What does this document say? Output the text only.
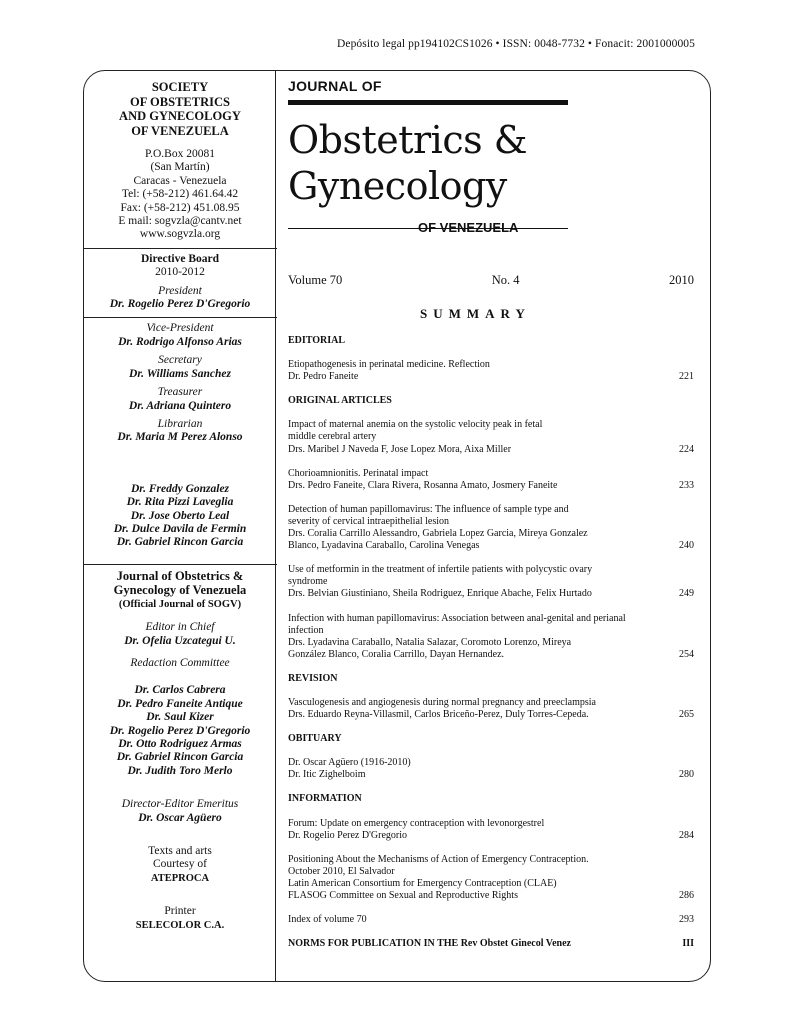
Depósito legal pp194102CS1026 • ISSN: 0048-7732 • Fonacit: 2001000005
SOCIETY
OF OBSTETRICS
AND GYNECOLOGY
OF VENEZUELA
P.O.Box 20081
(San Martín)
Caracas - Venezuela
Tel: (+58-212) 461.64.42
Fax: (+58-212) 451.08.95
E mail: sogvzla@cantv.net
www.sogvzla.org
Directive Board
2010-2012
President
Dr. Rogelio Perez D'Gregorio
Vice-President
Dr. Rodrigo Alfonso Arias
Secretary
Dr. Williams Sanchez
Treasurer
Dr. Adriana Quintero
Librarian
Dr. Maria M Perez Alonso
Dr. Freddy Gonzalez
Dr. Rita Pizzi Laveglia
Dr. Jose Oberto Leal
Dr. Dulce Davila de Fermin
Dr. Gabriel Rincon Garcia
Journal of Obstetrics &
Gynecology of Venezuela
(Official Journal of SOGV)
Editor in Chief
Dr. Ofelia Uzcategui U.
Redaction Committee
Dr. Carlos Cabrera
Dr. Pedro Faneite Antique
Dr. Saul Kizer
Dr. Rogelio Perez D'Gregorio
Dr. Otto Rodriguez Armas
Dr. Gabriel Rincon Garcia
Dr. Judith Toro Merlo
Director-Editor Emeritus
Dr. Oscar Agüero
Texts and arts
Courtesy of
ATEPROCA
Printer
SELECOLOR C.A.
JOURNAL OF
Obstetrics &
Gynecology
OF VENEZUELA
Volume 70	No. 4	2010
SUMMARY
EDITORIAL
Etiopathogenesis in perinatal medicine. Reflection
Dr. Pedro Faneite	221
ORIGINAL ARTICLES
Impact of maternal anemia on the systolic velocity peak in fetal
middle cerebral artery
Drs. Maribel J Naveda F, Jose Lopez Mora, Aixa Miller	224
Chorioamnionitis. Perinatal impact
Drs. Pedro Faneite, Clara Rivera, Rosanna Amato, Josmery Faneite	233
Detection of human papillomavirus: The influence of sample type and
severity of cervical intraepithelial lesion
Drs. Coralia Carrillo Alessandro, Gabriela Lopez Garcia, Mireya Gonzalez
Blanco, Lyadavina Caraballo, Carolina Venegas	240
Use of metformin in the treatment of infertile patients with polycystic ovary
syndrome
Drs. Belvian Giustiniano, Sheila Rodriguez, Enrique Abache, Felix Hurtado	249
Infection with human papillomavirus: Association between anal-genital and perianal
infection
Drs. Lyadavina Caraballo, Natalia Salazar, Coromoto Lorenzo, Mireya
González Blanco, Coralia Carrillo, Dayan Hernandez.	254
REVISION
Vasculogenesis and angiogenesis during normal pregnancy and preeclampsia
Drs. Eduardo Reyna-Villasmil, Carlos Briceño-Perez, Duly Torres-Cepeda.	265
OBITUARY
Dr. Oscar Agüero (1916-2010)
Dr. Itic Zighelboim	280
INFORMATION
Forum: Update on emergency contraception with levonorgestrel
Dr. Rogelio Perez D'Gregorio	284
Positioning About the Mechanisms of Action of Emergency Contraception.
October 2010, El Salvador
Latin American Consortium for Emergency Contraception (CLAE)
FLASOG Committee on Sexual and Reproductive Rights	286
Index of volume 70	293
NORMS FOR PUBLICATION IN THE Rev Obstet Ginecol Venez	III
